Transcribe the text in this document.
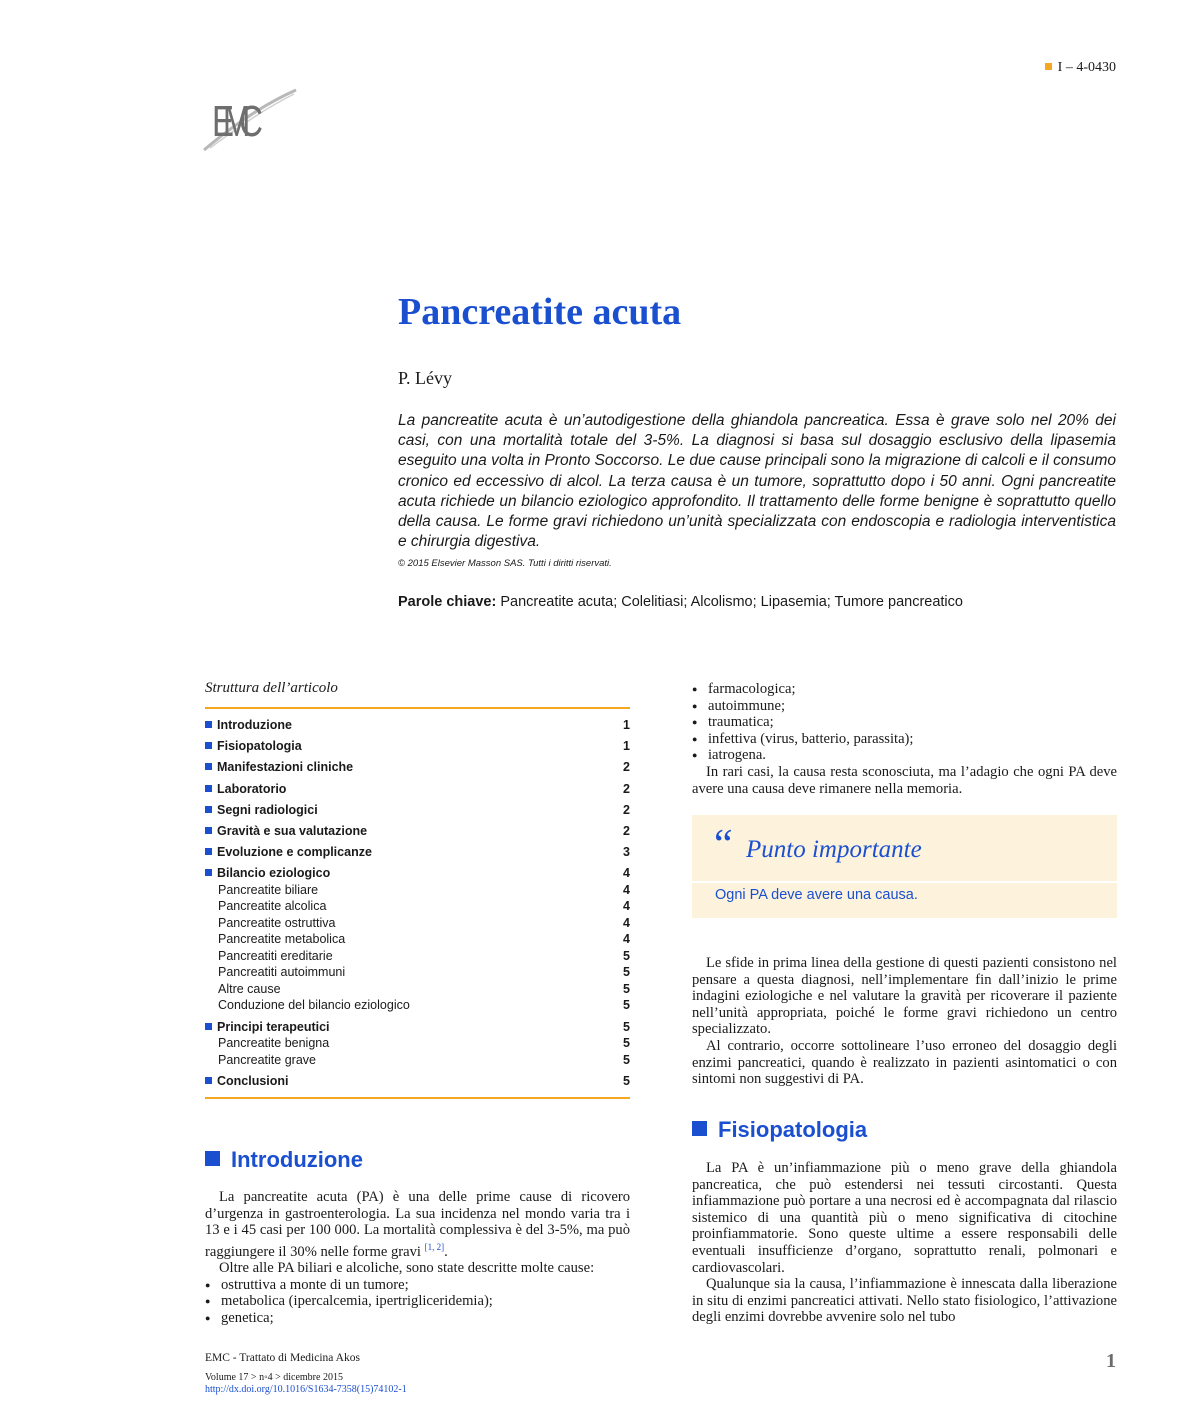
I – 4-0430
EMC
Pancreatite acuta
P. Lévy
La pancreatite acuta è un’autodigestione della ghiandola pancreatica. Essa è grave solo nel 20% dei casi, con una mortalità totale del 3-5%. La diagnosi si basa sul dosaggio esclusivo della lipasemia eseguito una volta in Pronto Soccorso. Le due cause principali sono la migrazione di calcoli e il consumo cronico ed eccessivo di alcol. La terza causa è un tumore, soprattutto dopo i 50 anni. Ogni pancreatite acuta richiede un bilancio eziologico approfondito. Il trattamento delle forme benigne è soprattutto quello della causa. Le forme gravi richiedono un’unità specializzata con endoscopia e radiologia interventistica e chirurgia digestiva.
© 2015 Elsevier Masson SAS. Tutti i diritti riservati.
Parole chiave: Pancreatite acuta; Colelitiasi; Alcolismo; Lipasemia; Tumore pancreatico
Struttura dell’articolo
Introduzione	1
Fisiopatologia	1
Manifestazioni cliniche	2
Laboratorio	2
Segni radiologici	2
Gravità e sua valutazione	2
Evoluzione e complicanze	3
Bilancio eziologico	4
Pancreatite biliare	4
Pancreatite alcolica	4
Pancreatite ostruttiva	4
Pancreatite metabolica	4
Pancreatiti ereditarie	5
Pancreatiti autoimmuni	5
Altre cause	5
Conduzione del bilancio eziologico	5
Principi terapeutici	5
Pancreatite benigna	5
Pancreatite grave	5
Conclusioni	5
Introduzione

La pancreatite acuta (PA) è una delle prime cause di ricovero d’urgenza in gastroenterologia. La sua incidenza nel mondo varia tra i 13 e i 45 casi per 100 000. La mortalità complessiva è del 3-5%, ma può raggiungere il 30% nelle forme gravi [1, 2].

Oltre alle PA biliari e alcoliche, sono state descritte molte cause:

● ostruttiva a monte di un tumore;
● metabolica (ipercalcemia, ipertrigliceridemia);
● genetica;
● farmacologica;
● autoimmune;
● traumatica;
● infettiva (virus, batterio, parassita);
● iatrogena.

In rari casi, la causa resta sconosciuta, ma l’adagio che ogni PA deve avere una causa deve rimanere nella memoria.

“ Punto importante
Ogni PA deve avere una causa.

Le sfide in prima linea della gestione di questi pazienti consistono nel pensare a questa diagnosi, nell’implementare fin dall’inizio le prime indagini eziologiche e nel valutare la gravità per ricoverare il paziente nell’unità appropriata, poiché le forme gravi richiedono un centro specializzato.

Al contrario, occorre sottolineare l’uso erroneo del dosaggio degli enzimi pancreatici, quando è realizzato in pazienti asintomatici o con sintomi non suggestivi di PA.

Fisiopatologia

La PA è un’infiammazione più o meno grave della ghiandola pancreatica, che può estendersi nei tessuti circostanti. Questa infiammazione può portare a una necrosi ed è accompagnata dal rilascio sistemico di una quantità più o meno significativa di citochine proinfiammatorie. Sono queste ultime a essere responsabili delle eventuali insufficienze d’organo, soprattutto renali, polmonari e cardiovascolari.

Qualunque sia la causa, l’infiammazione è innescata dalla liberazione in situ di enzimi pancreatici attivati. Nello stato fisiologico, l’attivazione degli enzimi dovrebbe avvenire solo nel tubo

EMC - Trattato di Medicina Akos
Volume 17 > n◦4 > dicembre 2015
http://dx.doi.org/10.1016/S1634-7358(15)74102-1
1
